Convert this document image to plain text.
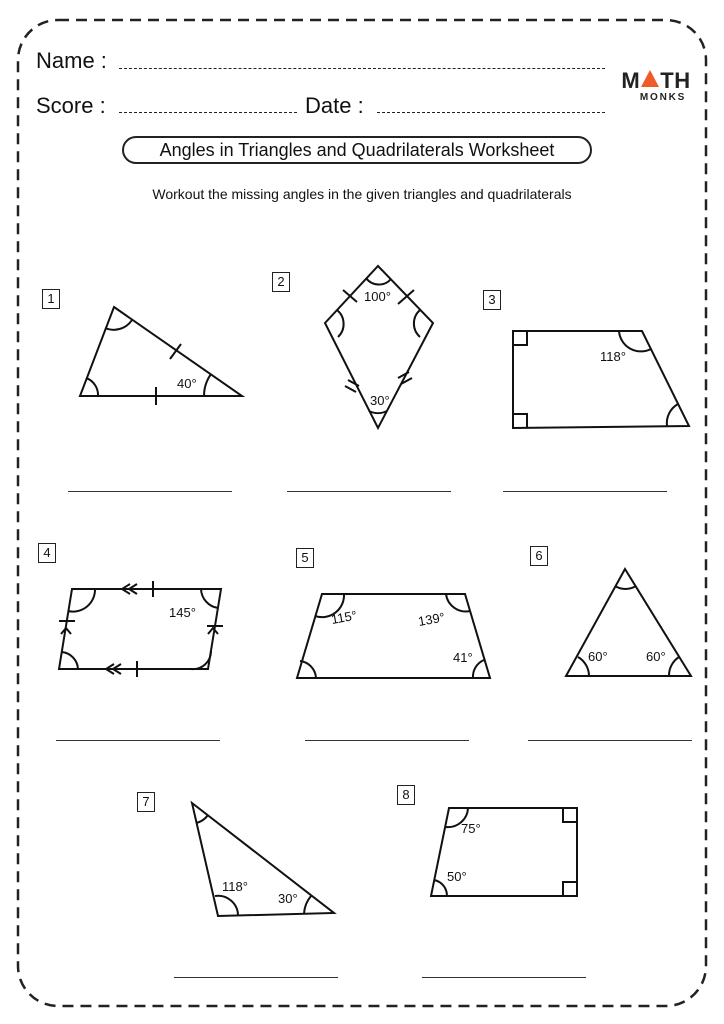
Name :
Score :	Date :
M TH
MONKS
Angles in Triangles and Quadrilaterals Worksheet
Workout the missing angles in the given triangles and quadrilaterals
1
2
3
4	5	6
7	8
40°
100°
30°
118°
145°	115°	139°
41°	60°	60°
118°
30°
75°
50°
